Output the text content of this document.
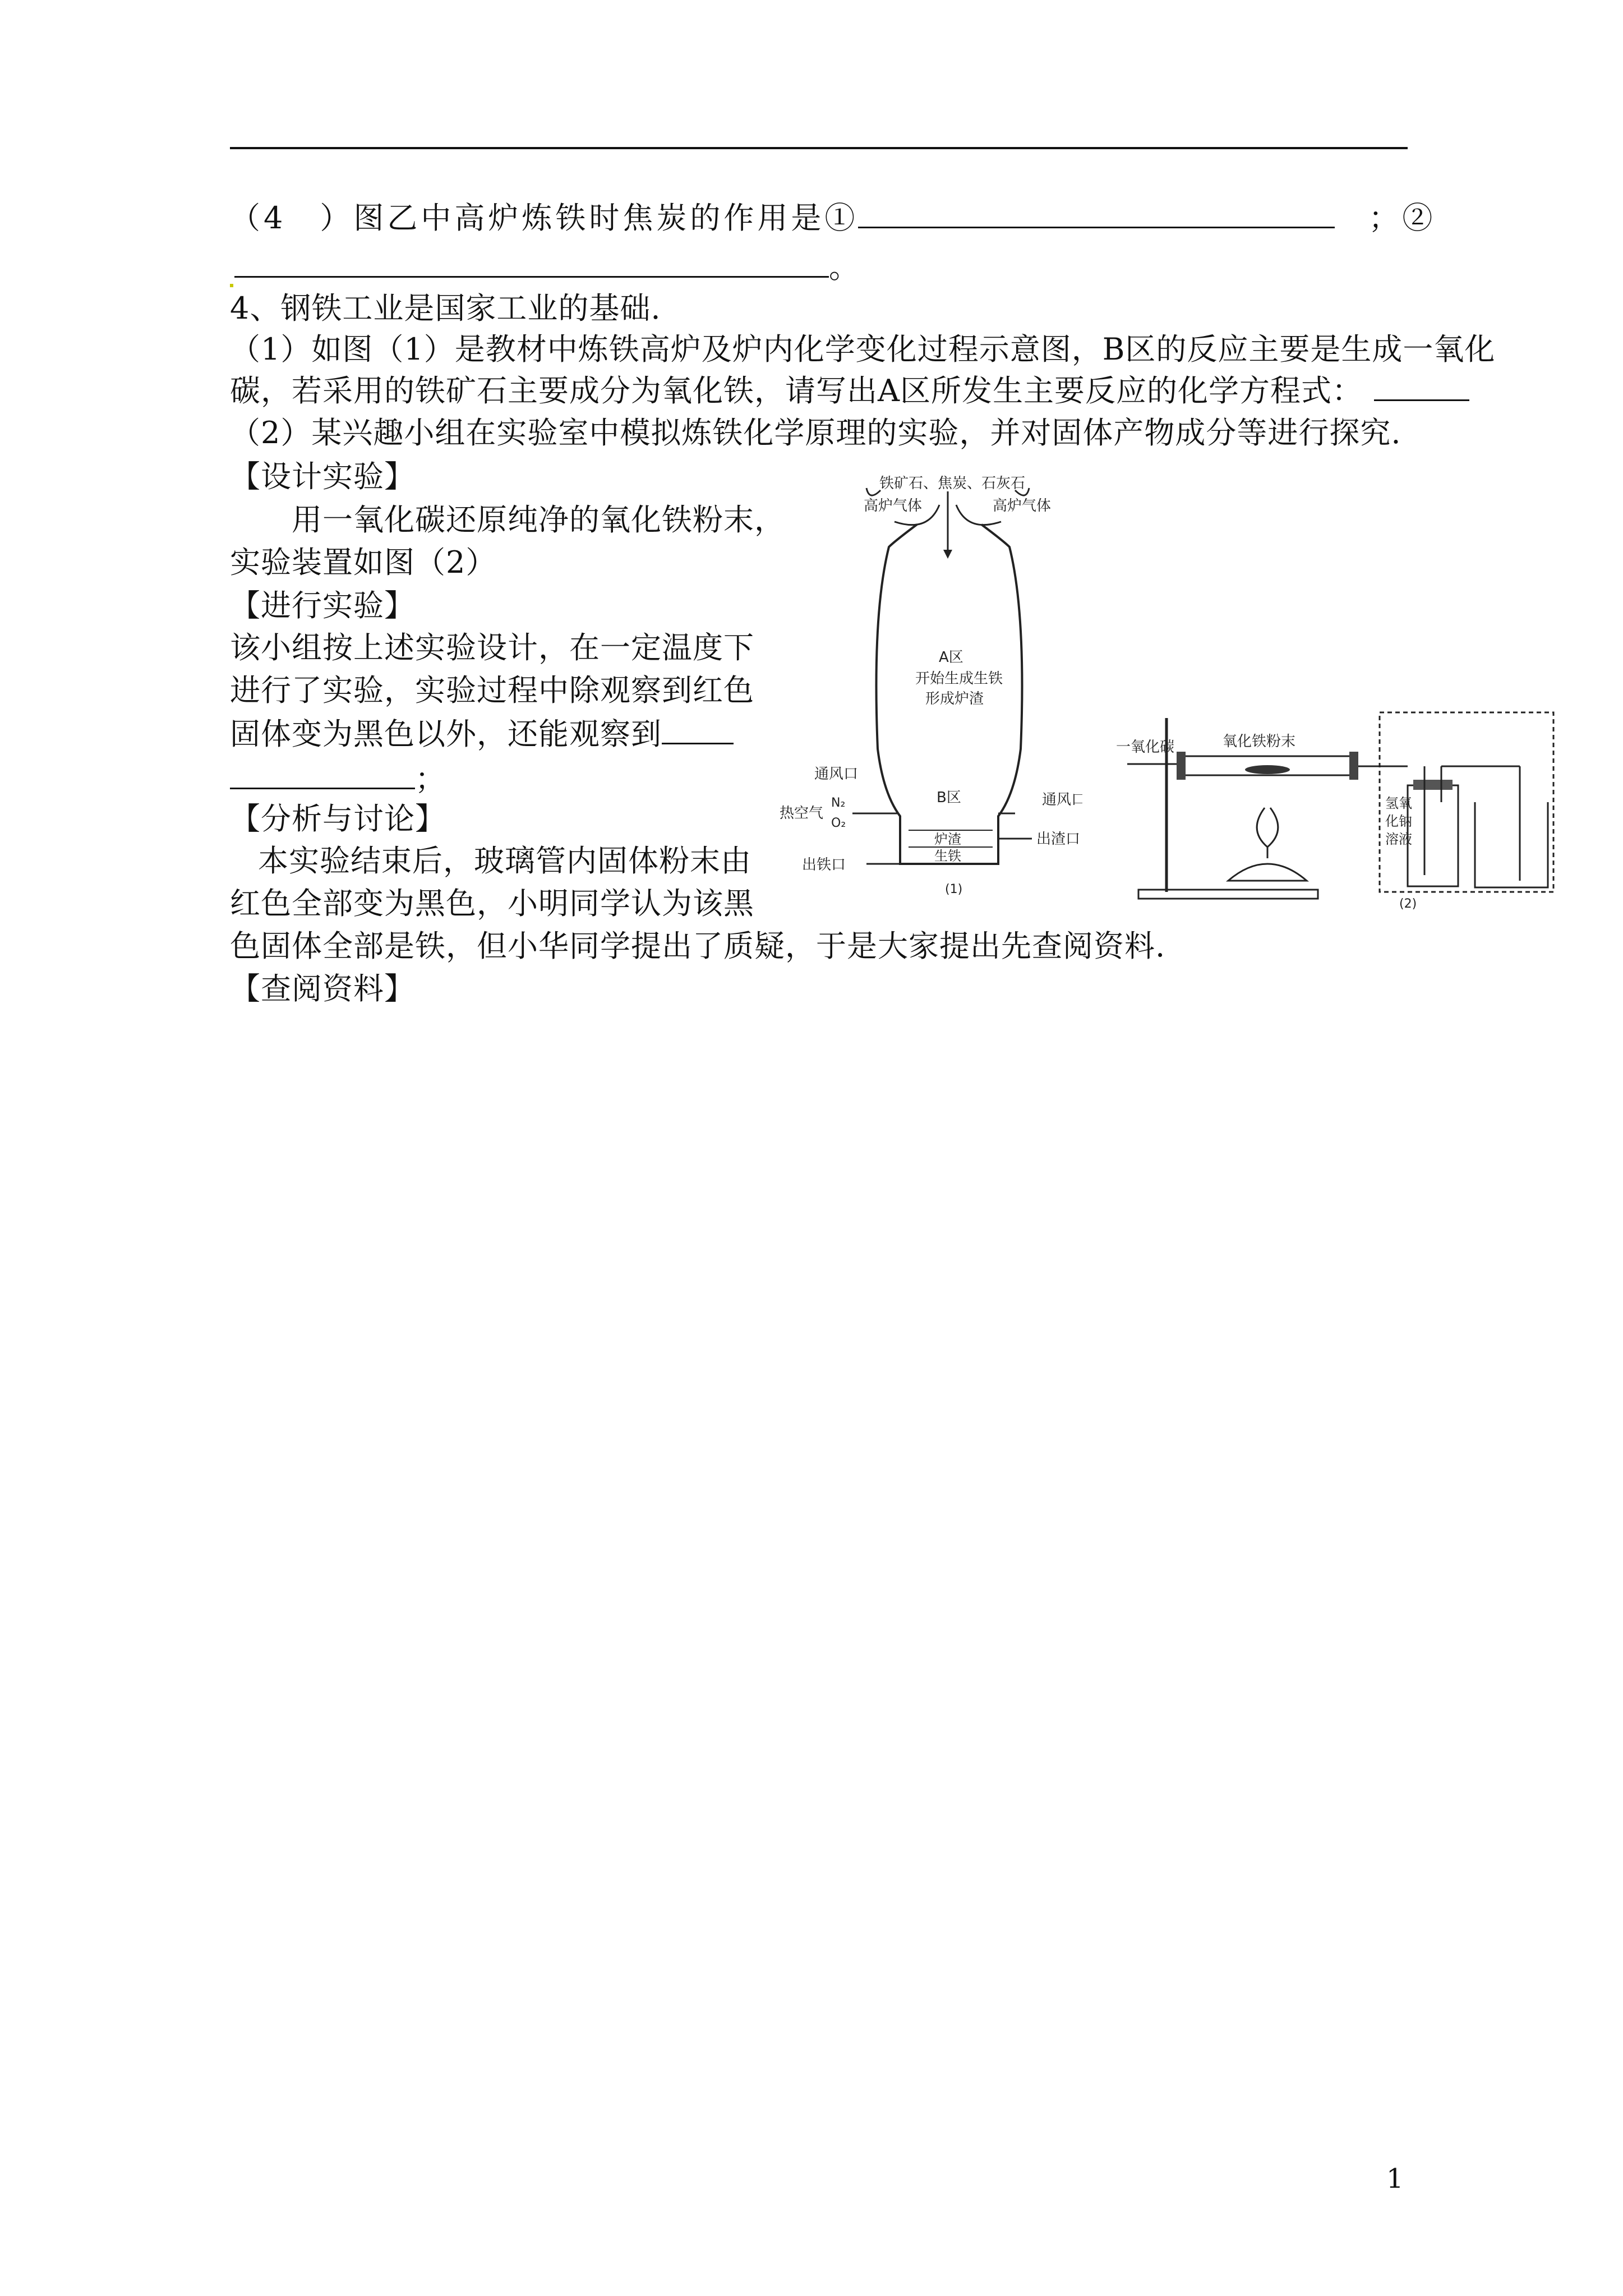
（4　）图乙中高炉炼铁时焦炭的作用是①	；②
。
4、钢铁工业是国家工业的基础.
（1）如图（1）是教材中炼铁高炉及炉内化学变化过程示意图，B区的反应主要是生成一氧化
碳，若采用的铁矿石主要成分为氧化铁，请写出A区所发生主要反应的化学方程式：
（2）某兴趣小组在实验室中模拟炼铁化学原理的实验，并对固体产物成分等进行探究.
【设计实验】
用一氧化碳还原纯净的氧化铁粉末，
实验装置如图（2）
【进行实验】
该小组按上述实验设计，在一定温度下
进行了实验，实验过程中除观察到红色
固体变为黑色以外，还能观察到
；
【分析与讨论】
本实验结束后，玻璃管内固体粉末由
红色全部变为黑色，小明同学认为该黑
色固体全部是铁，但小华同学提出了质疑，于是大家提出先查阅资料.
【查阅资料】
铁矿石、焦炭、石灰石
高炉气体	高炉气体
A区
开始生成生铁
形成炉渣
B区
通风口
通风口
热空气
N₂
O₂
炉渣
生铁
出渣口
出铁口
(1)
一氧化碳	氧化铁粉末
氢氧
化钠
溶液
(2)
1
